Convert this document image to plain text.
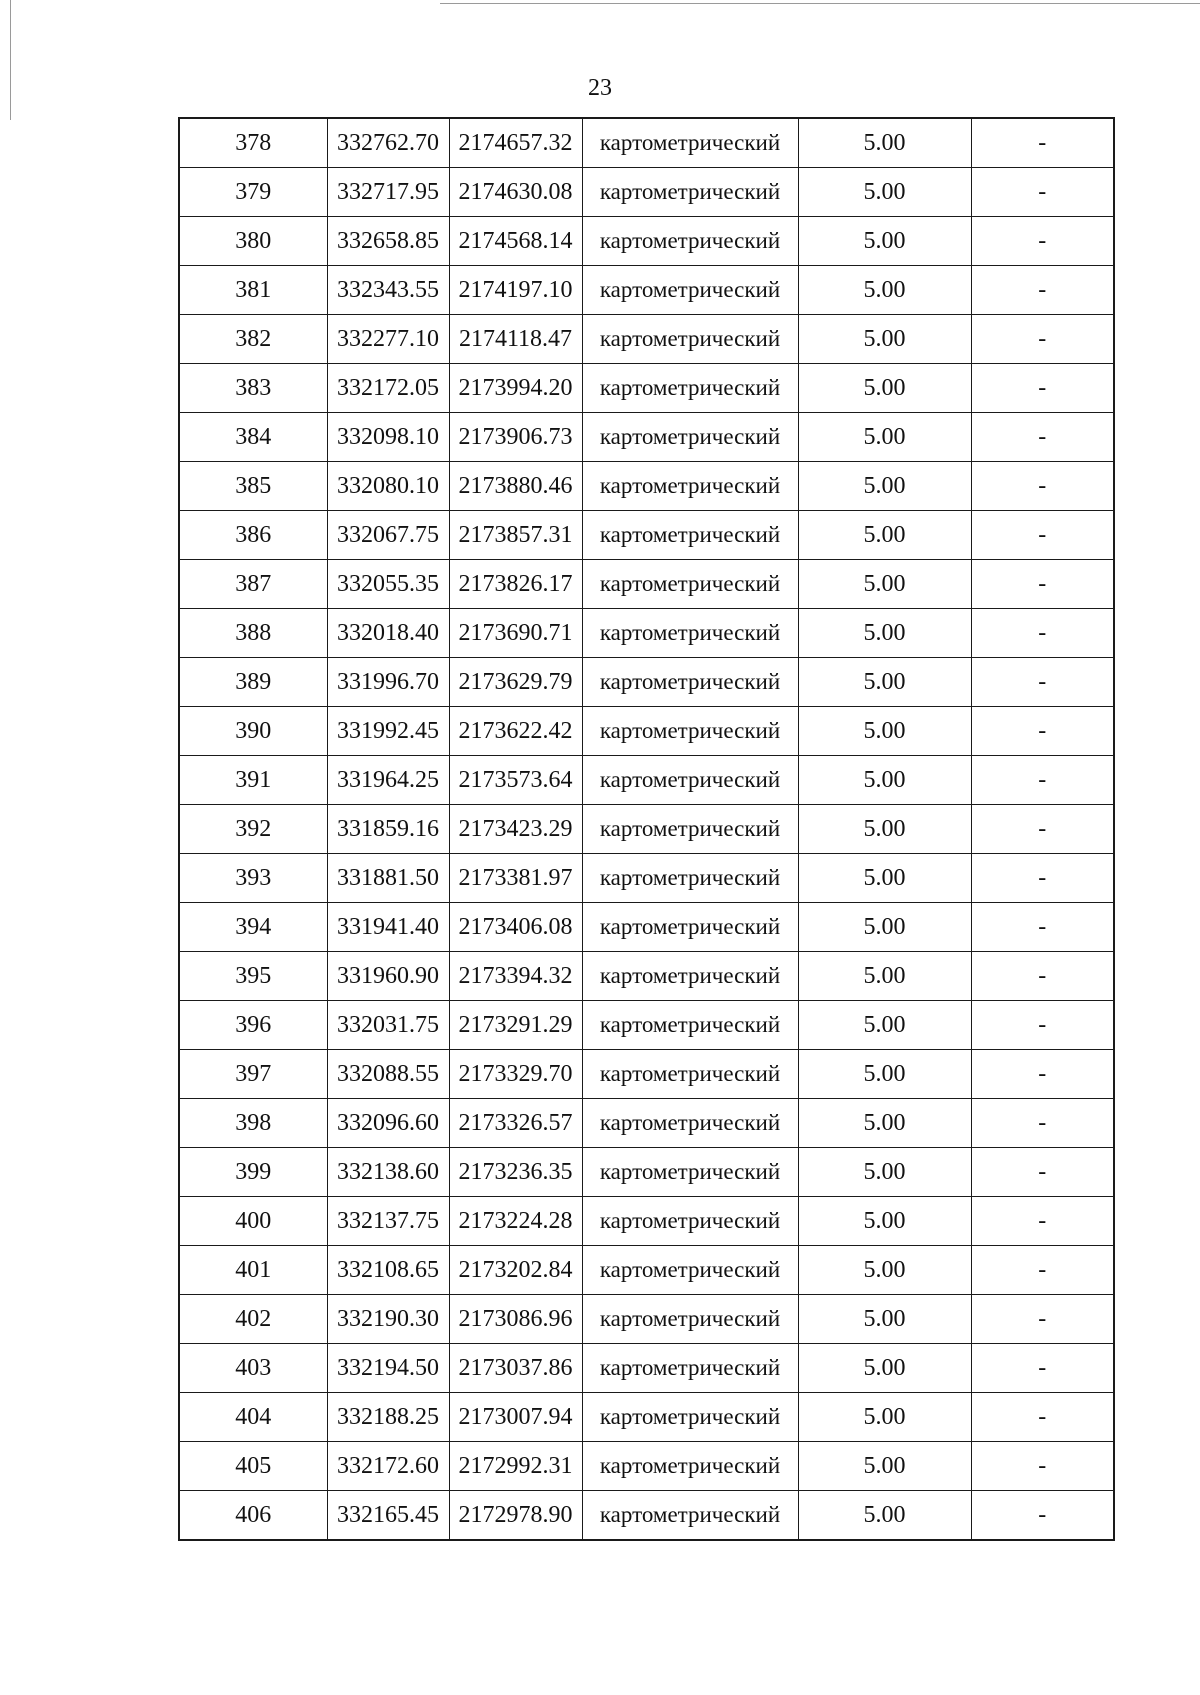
23
378	332762.70	2174657.32	картометрический	5.00	-
379	332717.95	2174630.08	картометрический	5.00	-
380	332658.85	2174568.14	картометрический	5.00	-
381	332343.55	2174197.10	картометрический	5.00	-
382	332277.10	2174118.47	картометрический	5.00	-
383	332172.05	2173994.20	картометрический	5.00	-
384	332098.10	2173906.73	картометрический	5.00	-
385	332080.10	2173880.46	картометрический	5.00	-
386	332067.75	2173857.31	картометрический	5.00	-
387	332055.35	2173826.17	картометрический	5.00	-
388	332018.40	2173690.71	картометрический	5.00	-
389	331996.70	2173629.79	картометрический	5.00	-
390	331992.45	2173622.42	картометрический	5.00	-
391	331964.25	2173573.64	картометрический	5.00	-
392	331859.16	2173423.29	картометрический	5.00	-
393	331881.50	2173381.97	картометрический	5.00	-
394	331941.40	2173406.08	картометрический	5.00	-
395	331960.90	2173394.32	картометрический	5.00	-
396	332031.75	2173291.29	картометрический	5.00	-
397	332088.55	2173329.70	картометрический	5.00	-
398	332096.60	2173326.57	картометрический	5.00	-
399	332138.60	2173236.35	картометрический	5.00	-
400	332137.75	2173224.28	картометрический	5.00	-
401	332108.65	2173202.84	картометрический	5.00	-
402	332190.30	2173086.96	картометрический	5.00	-
403	332194.50	2173037.86	картометрический	5.00	-
404	332188.25	2173007.94	картометрический	5.00	-
405	332172.60	2172992.31	картометрический	5.00	-
406	332165.45	2172978.90	картометрический	5.00	-
